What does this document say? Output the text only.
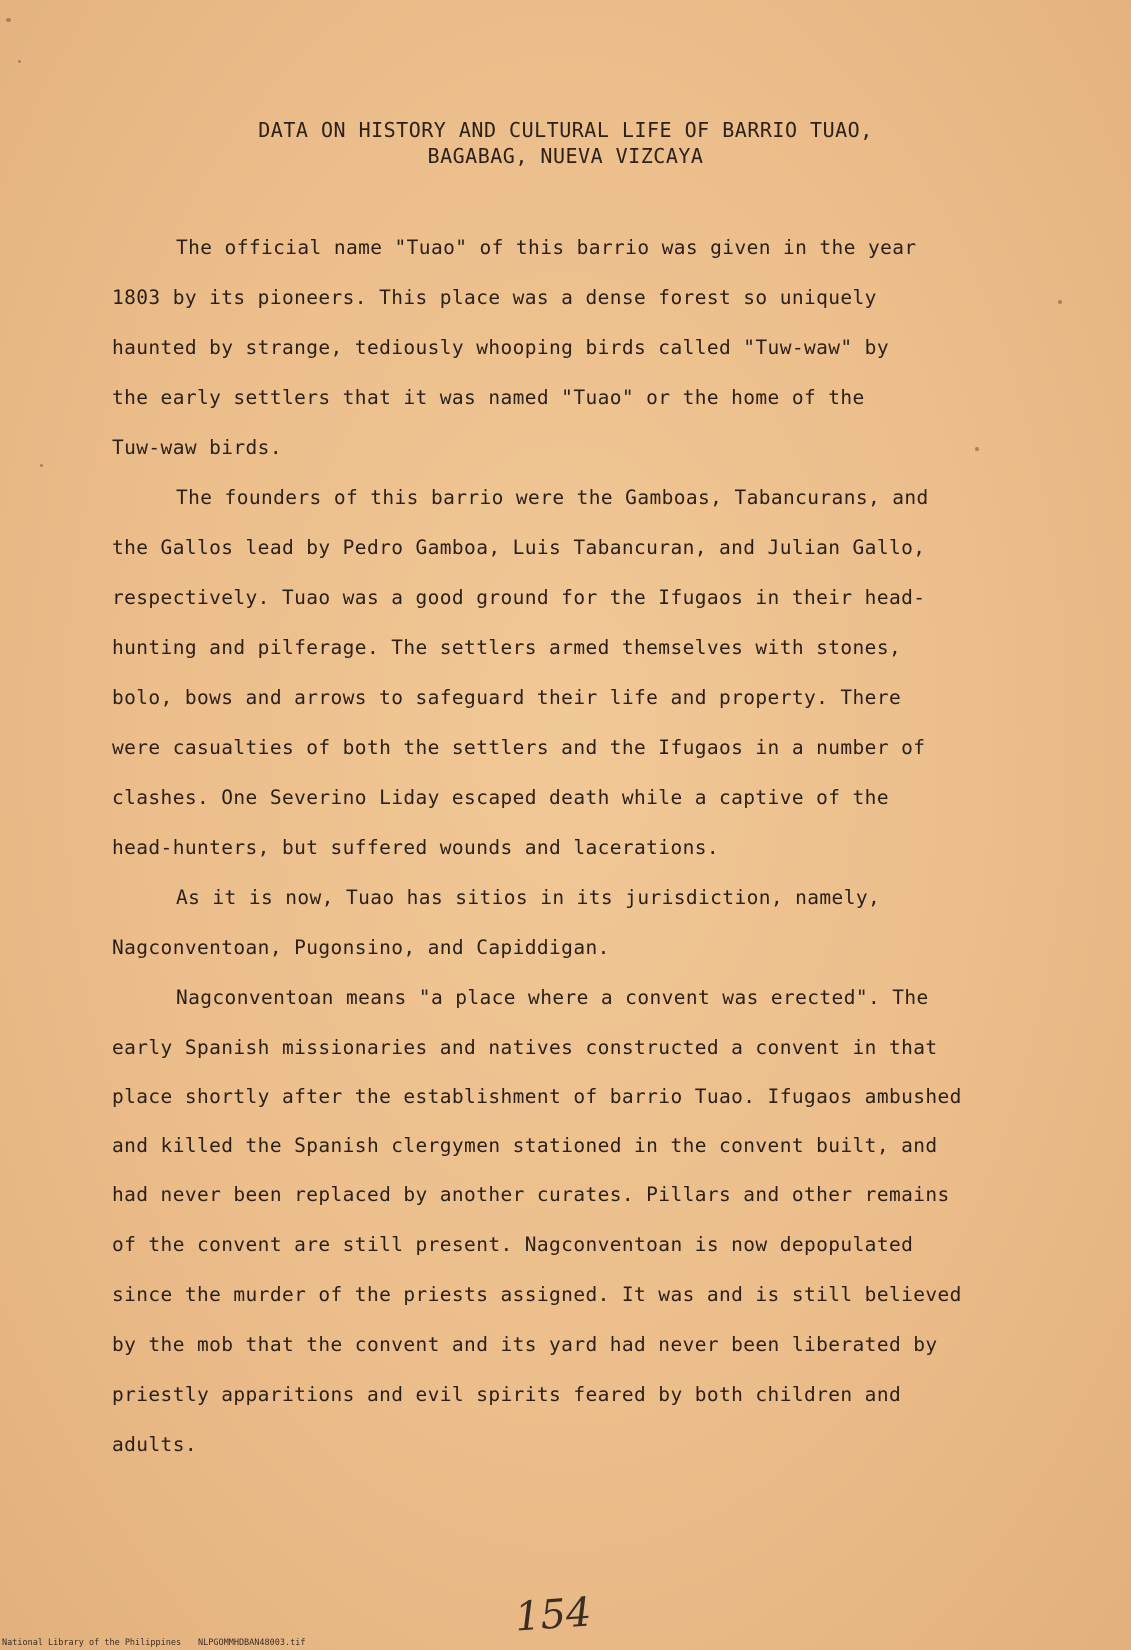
DATA ON HISTORY AND CULTURAL LIFE OF BARRIO TUAO,
BAGABAG, NUEVA VIZCAYA
The official name "Tuao" of this barrio was given in the year
1803 by its pioneers. This place was a dense forest so uniquely
haunted by strange, tediously whooping birds called "Tuw-waw" by
the early settlers that it was named "Tuao" or the home of the
Tuw-waw birds.
The founders of this barrio were the Gamboas, Tabancurans, and
the Gallos lead by Pedro Gamboa, Luis Tabancuran, and Julian Gallo,
respectively. Tuao was a good ground for the Ifugaos in their head-
hunting and pilferage. The settlers armed themselves with stones,
bolo, bows and arrows to safeguard their life and property. There
were casualties of both the settlers and the Ifugaos in a number of
clashes. One Severino Liday escaped death while a captive of the
head-hunters, but suffered wounds and lacerations.
As it is now, Tuao has sitios in its jurisdiction, namely,
Nagconventoan, Pugonsino, and Capiddigan.
Nagconventoan means "a place where a convent was erected". The
early Spanish missionaries and natives constructed a convent in that
place shortly after the establishment of barrio Tuao. Ifugaos ambushed
and killed the Spanish clergymen stationed in the convent built, and
had never been replaced by another curates. Pillars and other remains
of the convent are still present. Nagconventoan is now depopulated
since the murder of the priests assigned. It was and is still believed
by the mob that the convent and its yard had never been liberated by
priestly apparitions and evil spirits feared by both children and
adults.
154
National Library of the Philippines NLPGOMMHDBAN48003.tif
